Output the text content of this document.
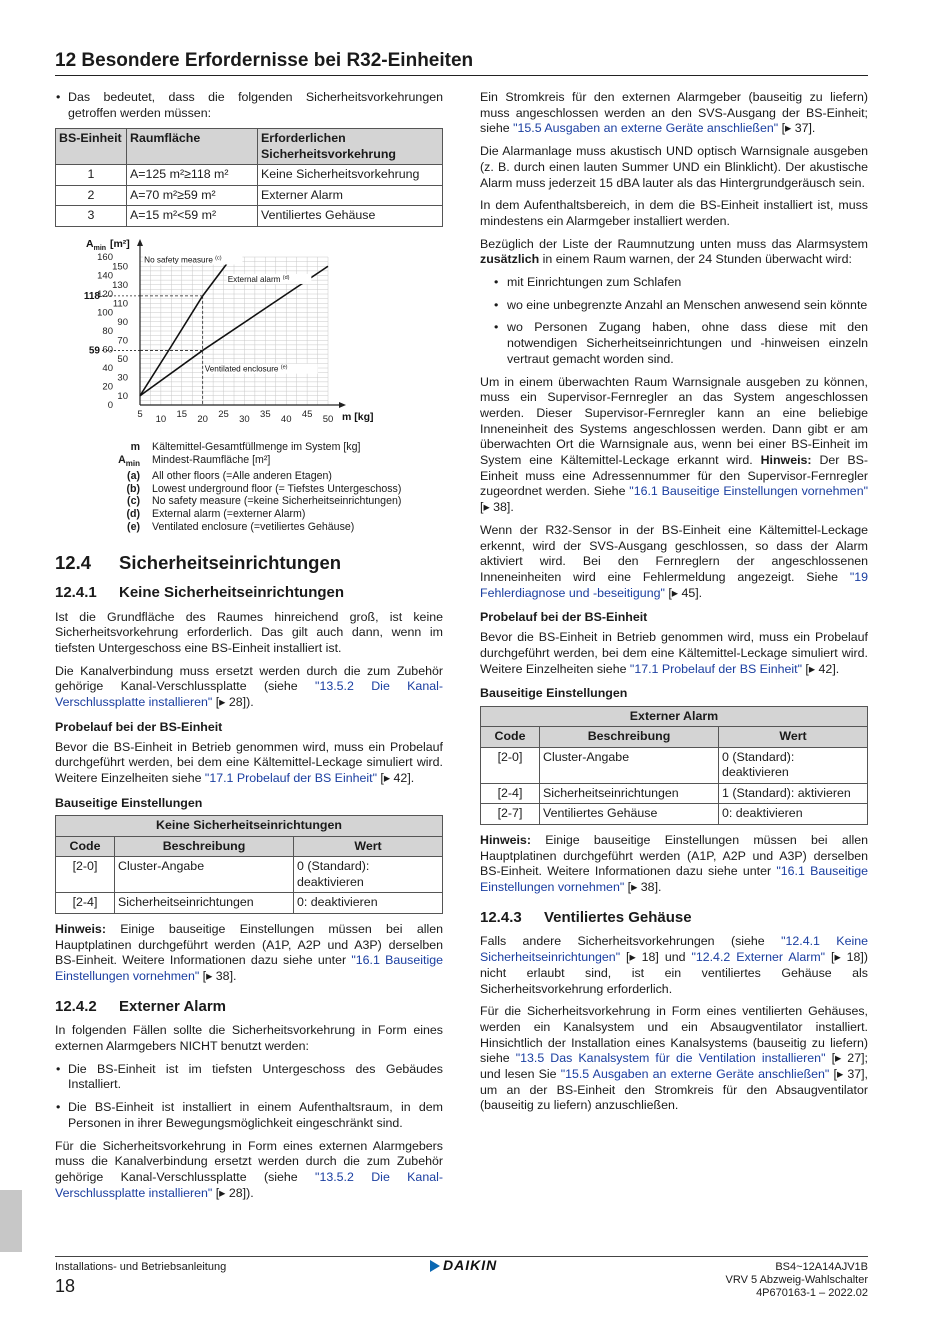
12 Besondere Erfordernisse bei R32-Einheiten
• Das bedeutet, dass die folgenden Sicherheitsvorkehrungen getroffen werden müssen:
BS-Einheit	Raumfläche	Erforderlichen Sicherheitsvorkehrung
1	A=125 m²≥118 m²	Keine Sicherheitsvorkehrung
2	A=70 m²≥59 m²	Externer Alarm
3	A=15 m²<59 m²	Ventiliertes Gehäuse
5 10 15 20 25 30 35 40 45 50
0
10
20
30
40
50
60
70
80
90
100
110
120
130
140
150
160
118
59
$A_{min}$ [m²]
m [kg]
No safety measure $^{(c)}$
External alarm $^{(d)}$
Ventilated enclosure $^{(e)}$
m	Kältemittel-Gesamtfüllmenge im System [kg]
$A_{min}$	Mindest-Raumfläche [m²]
(a)	All other floors (=Alle anderen Etagen)
(b)	Lowest underground floor (= Tiefstes Untergeschoss)
(c)	No safety measure (=keine Sicherheitseinrichtungen)
(d)	External alarm (=externer Alarm)
(e)	Ventilated enclosure (=vetiliertes Gehäuse)
12.4 Sicherheitseinrichtungen
12.4.1 Keine Sicherheitseinrichtungen

Ist die Grundfläche des Raumes hinreichend groß, ist keine Sicherheitsvorkehrung erforderlich. Das gilt auch dann, wenn im tiefsten Untergeschoss eine BS-Einheit installiert ist.

Die Kanalverbindung muss ersetzt werden durch die zum Zubehör gehörige Kanal-Verschlussplatte (siehe "13.5.2 Die Kanal-Verschlussplatte installieren" [▸ 28]).

Probelauf bei der BS-Einheit

Bevor die BS-Einheit in Betrieb genommen wird, muss ein Probelauf durchgeführt werden, bei dem eine Kältemittel-Leckage simuliert wird. Weitere Einzelheiten siehe "17.1 Probelauf der BS Einheit" [▸ 42].

Bauseitige Einstellungen
Keine Sicherheitseinrichtungen		
Code	Beschreibung	Wert
[2-0]	Cluster-Angabe	0 (Standard): deaktivieren
[2-4]	Sicherheitseinrichtungen	0: deaktivieren

Hinweis: Einige bauseitige Einstellungen müssen bei allen Hauptplatinen durchgeführt werden (A1P, A2P und A3P) derselben BS-Einheit. Weitere Informationen dazu siehe unter "16.1 Bauseitige Einstellungen vornehmen" [▸ 38].

12.4.2 Externer Alarm

In folgenden Fällen sollte die Sicherheitsvorkehrung in Form eines externen Alarmgebers NICHT benutzt werden:

• Die BS-Einheit ist im tiefsten Untergeschoss des Gebäudes Installiert.
• Die BS-Einheit ist installiert in einem Aufenthaltsraum, in dem Personen in ihrer Bewegungsmöglichkeit eingeschränkt sind.

Für die Sicherheitsvorkehrung in Form eines externen Alarmgebers muss die Kanalverbindung ersetzt werden durch die zum Zubehör gehörige Kanal-Verschlussplatte (siehe "13.5.2 Die Kanal-Verschlussplatte installieren" [▸ 28]).

Ein Stromkreis für den externen Alarmgeber (bauseitig zu liefern) muss angeschlossen werden an den SVS-Ausgang der BS-Einheit; siehe "15.5 Ausgaben an externe Geräte anschließen" [▸ 37].

Die Alarmanlage muss akustisch UND optisch Warnsignale ausgeben (z. B. durch einen lauten Summer UND ein Blinklicht). Der akustische Alarm muss jederzeit 15 dBA lauter als das Hintergrundgeräusch sein.

In dem Aufenthaltsbereich, in dem die BS-Einheit installiert ist, muss mindestens ein Alarmgeber installiert werden.

Bezüglich der Liste der Raumnutzung unten muss das Alarmsystem zusätzlich in einem Raum warnen, der 24 Stunden überwacht wird:

• mit Einrichtungen zum Schlafen
• wo eine unbegrenzte Anzahl an Menschen anwesend sein könnte
• wo Personen Zugang haben, ohne dass diese mit den notwendigen Sicherheitseinrichtungen und -hinweisen einzeln vertraut gemacht worden sind.

Um in einem überwachten Raum Warnsignale ausgeben zu können, muss ein Supervisor-Fernregler an das System angeschlossen werden. Dieser Supervisor-Fernregler kann an eine beliebige Inneneinheit des Systems angeschlossen werden. Dann gibt er am überwachten Ort die Warnsignale aus, wenn bei einer BS-Einheit im System eine Kältemittel-Leckage erkannt wird. Hinweis: Der BS-Einheit muss eine Adressennummer für den Supervisor-Fernregler zugeordnet werden. Siehe "16.1 Bauseitige Einstellungen vornehmen" [▸ 38].

Wenn der R32-Sensor in der BS-Einheit eine Kältemittel-Leckage erkennt, wird der SVS-Ausgang geschlossen, so dass der Alarm aktiviert wird. Bei den Fernreglern der angeschlossenen Inneneinheiten wird eine Fehlermeldung angezeigt. Siehe "19 Fehlerdiagnose und -beseitigung" [▸ 45].

Probelauf bei der BS-Einheit

Bevor die BS-Einheit in Betrieb genommen wird, muss ein Probelauf durchgeführt werden, bei dem eine Kältemittel-Leckage simuliert wird. Weitere Einzelheiten siehe "17.1 Probelauf der BS Einheit" [▸ 42].

Bauseitige Einstellungen
Externer Alarm		
Code	Beschreibung	Wert
[2-0]	Cluster-Angabe	0 (Standard): deaktivieren
[2-4]	Sicherheitseinrichtungen	1 (Standard): aktivieren
[2-7]	Ventiliertes Gehäuse	0: deaktivieren

Hinweis: Einige bauseitige Einstellungen müssen bei allen Hauptplatinen durchgeführt werden (A1P, A2P und A3P) derselben BS-Einheit. Weitere Informationen dazu siehe unter "16.1 Bauseitige Einstellungen vornehmen" [▸ 38].

12.4.3 Ventiliertes Gehäuse

Falls andere Sicherheitsvorkehrungen (siehe "12.4.1 Keine Sicherheitseinrichtungen" [▸ 18] und "12.4.2 Externer Alarm" [▸ 18]) nicht erlaubt sind, ist ein ventiliertes Gehäuse als Sicherheitsvorkehrung erforderlich.

Für die Sicherheitsvorkehrung in Form eines ventilierten Gehäuses, werden ein Kanalsystem und ein Absaugventilator installiert. Hinsichtlich der Installation eines Kanalsystems (bauseitig zu liefern) siehe "13.5 Das Kanalsystem für die Ventilation installieren" [▸ 27]; und lesen Sie "15.5 Ausgaben an externe Geräte anschließen" [▸ 37], um an der BS-Einheit den Stromkreis für den Absaugventilator (bauseitig zu liefern) anzuschließen.

Installations- und Betriebsanleitung
18
DAIKIN	BS4~12A14AJV1B
VRV 5 Abzweig-Wahlschalter
4P670163-1 – 2022.02
